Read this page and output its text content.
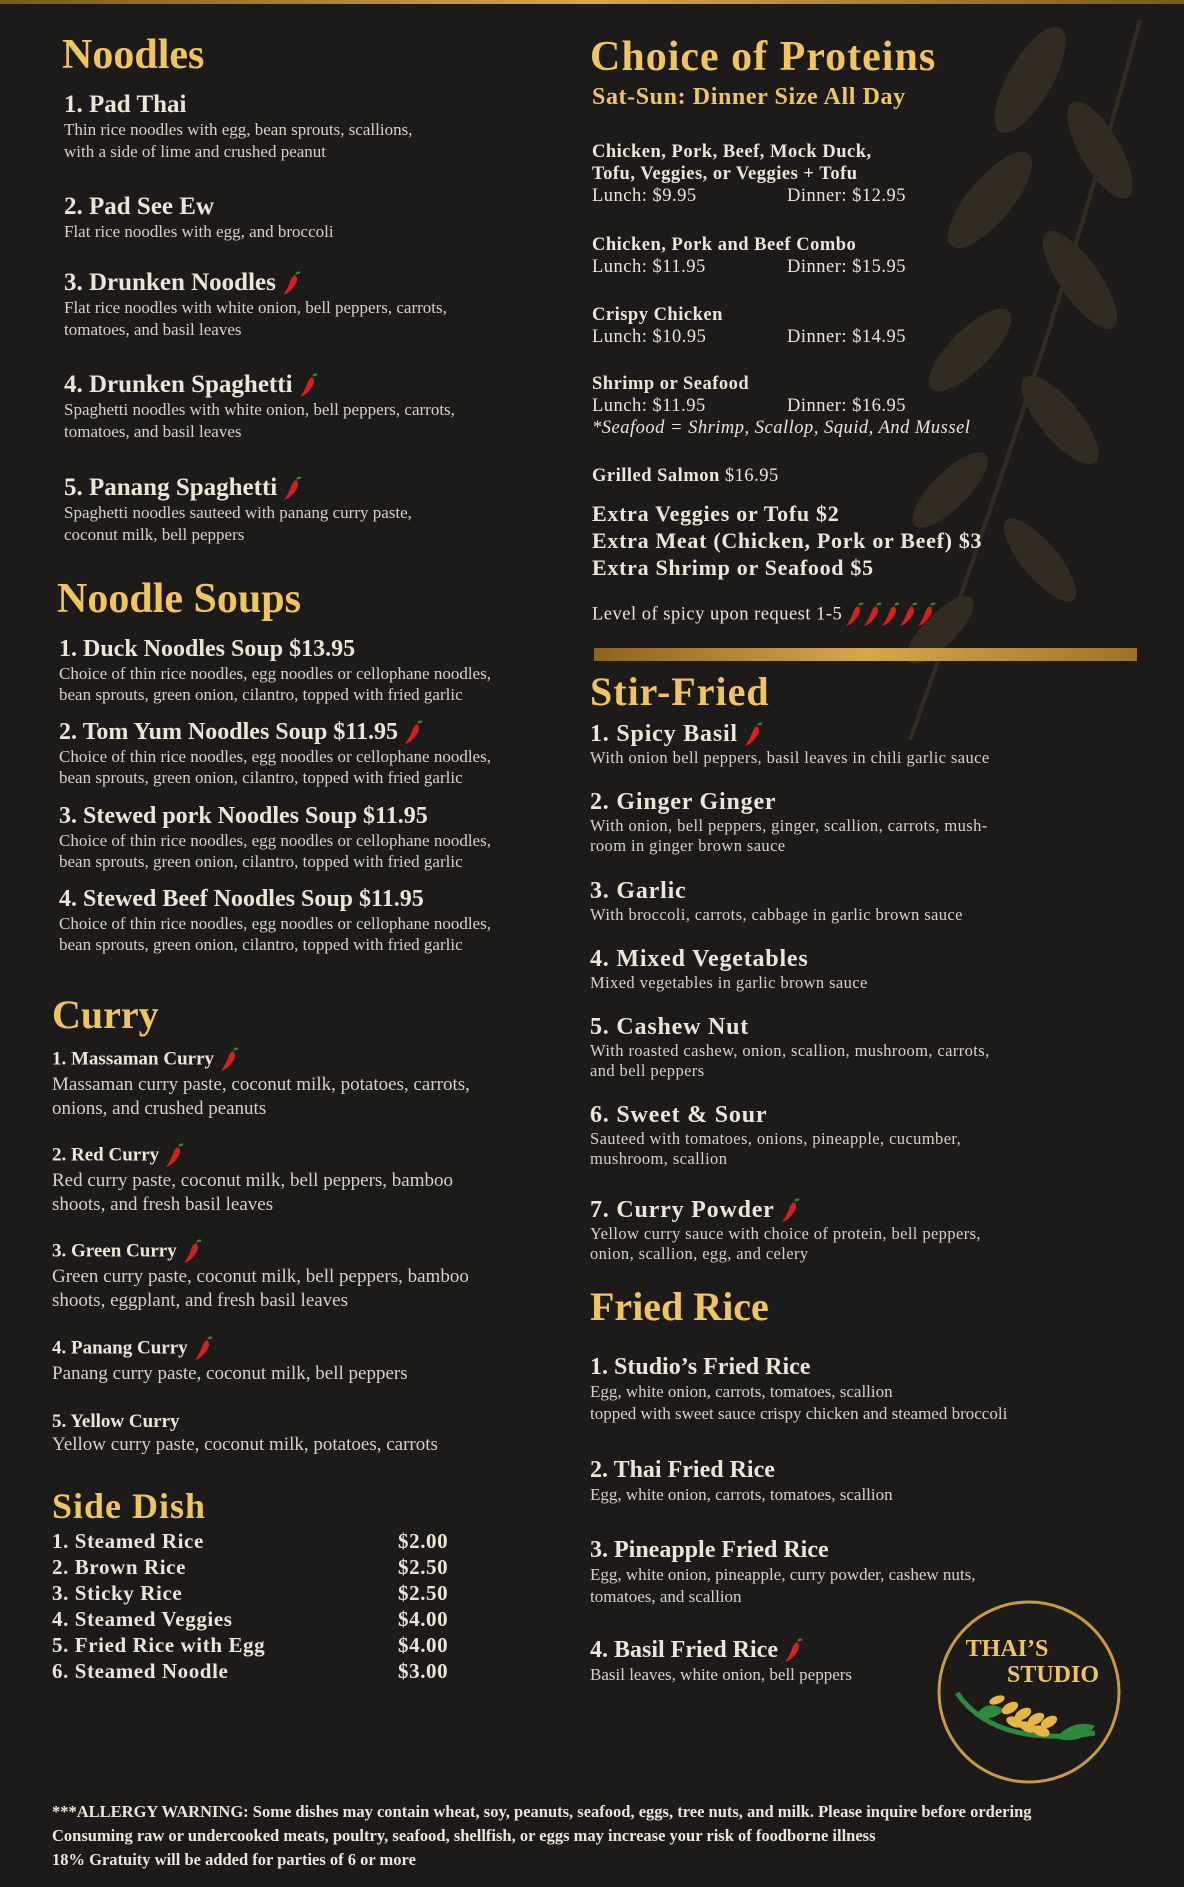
Noodles
1. Pad Thai
Thin rice noodles with egg, bean sprouts, scallions,
with a side of lime and crushed peanut
2. Pad See Ew
Flat rice noodles with egg, and broccoli
3. Drunken Noodles
Flat rice noodles with white onion, bell peppers, carrots,
tomatoes, and basil leaves
4. Drunken Spaghetti
Spaghetti noodles with white onion, bell peppers, carrots,
tomatoes, and basil leaves
5. Panang Spaghetti
Spaghetti noodles sauteed with panang curry paste,
coconut milk, bell peppers
Noodle Soups
1. Duck Noodles Soup $13.95
Choice of thin rice noodles, egg noodles or cellophane noodles,
bean sprouts, green onion, cilantro, topped with fried garlic
2. Tom Yum Noodles Soup $11.95
Choice of thin rice noodles, egg noodles or cellophane noodles,
bean sprouts, green onion, cilantro, topped with fried garlic
3. Stewed pork Noodles Soup $11.95
Choice of thin rice noodles, egg noodles or cellophane noodles,
bean sprouts, green onion, cilantro, topped with fried garlic
4. Stewed Beef Noodles Soup $11.95
Choice of thin rice noodles, egg noodles or cellophane noodles,
bean sprouts, green onion, cilantro, topped with fried garlic
Curry
1. Massaman Curry
Massaman curry paste, coconut milk, potatoes, carrots,
onions, and crushed peanuts
2. Red Curry
Red curry paste, coconut milk, bell peppers, bamboo
shoots, and fresh basil leaves
3. Green Curry
Green curry paste, coconut milk, bell peppers, bamboo
shoots, eggplant, and fresh basil leaves
4. Panang Curry
Panang curry paste, coconut milk, bell peppers
5. Yellow Curry
Yellow curry paste, coconut milk, potatoes, carrots
Side Dish
1. Steamed Rice	$2.00
2. Brown Rice	$2.50
3. Sticky Rice	$2.50
4. Steamed Veggies	$4.00
5. Fried Rice with Egg	$4.00
6. Steamed Noodle	$3.00
Choice of Proteins
Sat-Sun: Dinner Size All Day
Chicken, Pork, Beef, Mock Duck,
Tofu, Veggies, or Veggies + Tofu
Lunch: $9.95	Dinner: $12.95
Chicken, Pork and Beef Combo
Lunch: $11.95	Dinner: $15.95
Crispy Chicken
Lunch: $10.95	Dinner: $14.95
Shrimp or Seafood
Lunch: $11.95	Dinner: $16.95
*Seafood = Shrimp, Scallop, Squid, And Mussel
Grilled Salmon $16.95
Extra Veggies or Tofu $2
Extra Meat (Chicken, Pork or Beef) $3
Extra Shrimp or Seafood $5
Level of spicy upon request 1-5
Stir-Fried
1. Spicy Basil
With onion bell peppers, basil leaves in chili garlic sauce
2. Ginger Ginger
With onion, bell peppers, ginger, scallion, carrots, mush-
room in ginger brown sauce
3. Garlic
With broccoli, carrots, cabbage in garlic brown sauce
4. Mixed Vegetables
Mixed vegetables in garlic brown sauce
5. Cashew Nut
With roasted cashew, onion, scallion, mushroom, carrots,
and bell peppers
6. Sweet & Sour
Sauteed with tomatoes, onions, pineapple, cucumber,
mushroom, scallion
7. Curry Powder
Yellow curry sauce with choice of protein, bell peppers,
onion, scallion, egg, and celery
Fried Rice
1. Studio’s Fried Rice
Egg, white onion, carrots, tomatoes, scallion
topped with sweet sauce crispy chicken and steamed broccoli
2. Thai Fried Rice
Egg, white onion, carrots, tomatoes, scallion
3. Pineapple Fried Rice
Egg, white onion, pineapple, curry powder, cashew nuts,
tomatoes, and scallion
4. Basil Fried Rice
Basil leaves, white onion, bell peppers
THAI’S
STUDIO
***ALLERGY WARNING: Some dishes may contain wheat, soy, peanuts, seafood, eggs, tree nuts, and milk. Please inquire before ordering
Consuming raw or undercooked meats, poultry, seafood, shellfish, or eggs may increase your risk of foodborne illness
18% Gratuity will be added for parties of 6 or more
